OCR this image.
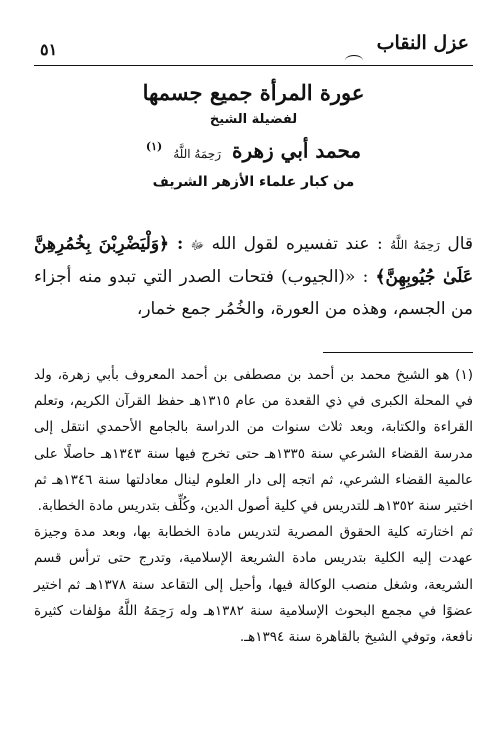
عزل النقاب
٥١
عورة المرأة جميع جسمها
لفضيلة الشيخ
محمد أبي زهرة رَحِمَهُ اللَّهُ $^{(١)}$
من كبار علماء الأزهر الشريف
قال رَحِمَهُ اللَّهُ : عند تفسيره لقول الله ﷻ : ﴿وَلْيَضْرِبْنَ بِخُمُرِهِنَّ عَلَىٰ جُيُوبِهِنَّ﴾ : «(الجيوب) فتحات الصدر التي تبدو منه أجزاء من الجسم، وهذه من العورة، والخُمُر جمع خمار،

(١) هو الشيخ محمد بن أحمد بن مصطفى بن أحمد المعروف بأبي زهرة، ولد في المحلة الكبرى في ذي القعدة من عام ١٣١٥هـ حفظ القرآن الكريم، وتعلم القراءة والكتابة، وبعد ثلاث سنوات من الدراسة بالجامع الأحمدي انتقل إلى مدرسة القضاء الشرعي سنة ١٣٣٥هـ حتى تخرج فيها سنة ١٣٤٣هـ حاصلًا على عالمية القضاء الشرعي، ثم اتجه إلى دار العلوم لينال معادلتها سنة ١٣٤٦هـ ثم اختير سنة ١٣٥٢هـ للتدريس في كلية أصول الدين، وكُلِّف بتدريس مادة الخطابة.

ثم اختارته كلية الحقوق المصرية لتدريس مادة الخطابة بها، وبعد مدة وجيزة عهدت إليه الكلية بتدريس مادة الشريعة الإسلامية، وتدرج حتى ترأس قسم الشريعة، وشغل منصب الوكالة فيها، وأحيل إلى التقاعد سنة ١٣٧٨هـ ثم اختير عضوًا في مجمع البحوث الإسلامية سنة ١٣٨٢هـ وله رَحِمَهُ اللَّهُ مؤلفات كثيرة نافعة، وتوفي الشيخ بالقاهرة سنة ١٣٩٤هـ.
